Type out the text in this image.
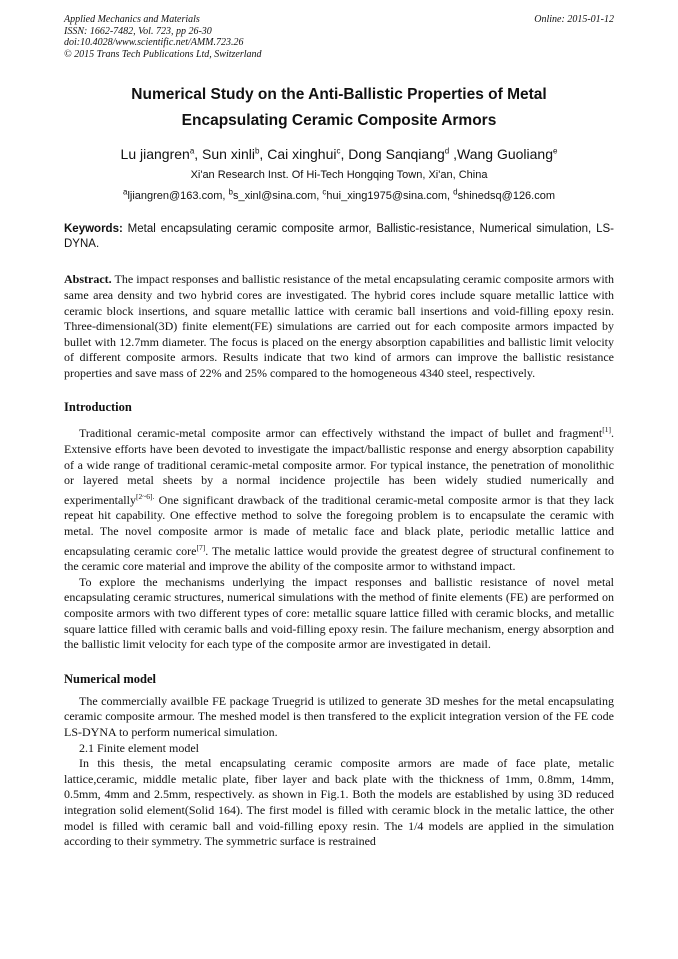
Applied Mechanics and Materials
ISSN: 1662-7482, Vol. 723, pp 26-30
doi:10.4028/www.scientific.net/AMM.723.26
© 2015 Trans Tech Publications Ltd, Switzerland
Online: 2015-01-12
Numerical Study on the Anti-Ballistic Properties of Metal
Encapsulating Ceramic Composite Armors
Lu jiangren$^a$, Sun xinli$^b$, Cai xinghui$^c$, Dong Sanqiang$^d$ ,Wang Guoliang$^e$
Xi'an Research Inst. Of Hi-Tech Hongqing Town, Xi'an, China
$^a$ljiangren@163.com, $^b$s_xinl@sina.com, $^c$hui_xing1975@sina.com, $^d$shinedsq@126.com
Keywords: Metal encapsulating ceramic composite armor, Ballistic-resistance, Numerical simulation, LS-DYNA.
Abstract. The impact responses and ballistic resistance of the metal encapsulating ceramic composite armors with same area density and two hybrid cores are investigated. The hybrid cores include square metallic lattice with ceramic block insertions, and square metallic lattice with ceramic ball insertions and void-filling epoxy resin. Three-dimensional(3D) finite element(FE) simulations are carried out for each composite armors impacted by bullet with 12.7mm diameter. The focus is placed on the energy absorption capabilities and ballistic limit velocity of different composite armors. Results indicate that two kind of armors can improve the ballistic resistance properties and save mass of 22% and 25% compared to the homogeneous 4340 steel, respectively.
Introduction

Traditional ceramic-metal composite armor can effectively withstand the impact of bullet and fragment[1]. Extensive efforts have been devoted to investigate the impact/ballistic response and energy absorption capability of a wide range of traditional ceramic-metal composite armor. For typical instance, the penetration of monolithic or layered metal sheets by a normal incidence projectile has been widely studied numerically and experimentally$^{[2\sim 6].}$ One significant drawback of the traditional ceramic-metal composite armor is that they lack repeat hit capability. One effective method to solve the foregoing problem is to encapsulate the ceramic with metal. The novel composite armor is made of metalic face and black plate, periodic metallic lattice and encapsulating ceramic core[7]. The metalic lattice would provide the greatest degree of structural confinement to the ceramic core material and improve the ability of the composite armor to withstand impact.

To explore the mechanisms underlying the impact responses and ballistic resistance of novel metal encapsulating ceramic structures, numerical simulations with the method of finite elements (FE) are performed on composite armors with two different types of core: metallic square lattice filled with ceramic blocks, and metallic square lattice filled with ceramic balls and void-filling epoxy resin. The failure mechanism, energy absorption and the ballistic limit velocity for each type of the composite armor are investigated in detail.

Numerical model

The commercially availble FE package Truegrid is utilized to generate 3D meshes for the metal encapsulating ceramic composite armour. The meshed model is then transfered to the explicit integration version of the FE code LS-DYNA to perform numerical simulation.

2.1 Finite element model

In this thesis, the metal encapsulating ceramic composite armors are made of face plate, metalic lattice,ceramic, middle metalic plate, fiber layer and back plate with the thickness of 1mm, 0.8mm, 14mm, 0.5mm, 4mm and 2.5mm, respectively. as shown in Fig.1. Both the models are established by using 3D reduced integration solid element(Solid 164). The first model is filled with ceramic block in the metalic lattice, the other model is filled with ceramic ball and void-filling epoxy resin. The 1/4 models are applied in the simulation according to their symmetry. The symmetric surface is restrained
